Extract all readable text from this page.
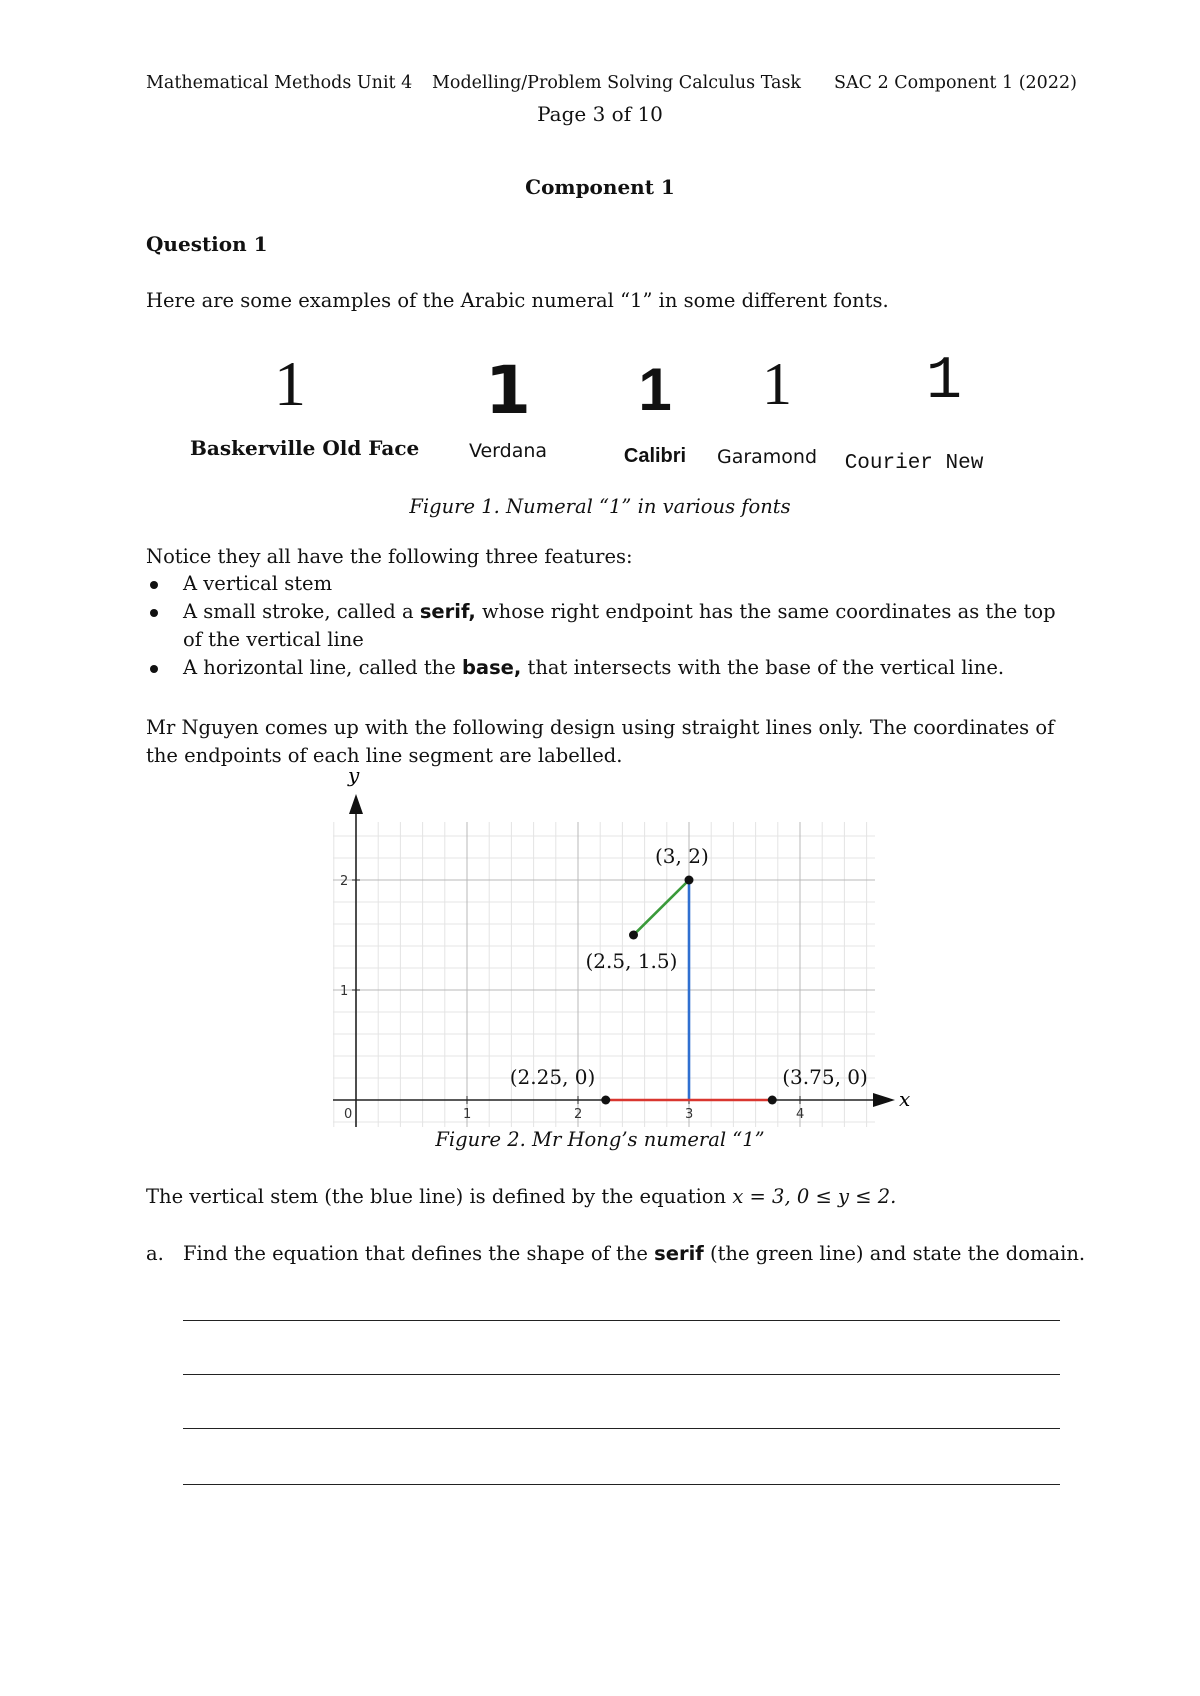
Mathematical Methods Unit 4 Modelling/Problem Solving Calculus Task SAC 2 Component 1 (2022)
Page 3 of 10
Component 1
Question 1
Here are some examples of the Arabic numeral “1” in some different fonts.
1	1	1	1	1
Baskerville Old Face	Verdana	Calibri	Garamond	Courier New
Figure 1. Numeral “1” in various fonts
Notice they all have the following three features:
A vertical stem
A small stroke, called a serif, whose right endpoint has the same coordinates as the top of the vertical line
A horizontal line, called the base, that intersects with the base of the vertical line.
Mr Nguyen comes up with the following design using straight lines only. The coordinates of the endpoints of each line segment are labelled.
0	1	2	3	4
1
2
(3, 2)
(2.5, 1.5)
(2.25, 0)	(3.75, 0)
x
y
Figure 2. Mr Hong’s numeral “1”
The vertical stem (the blue line) is defined by the equation x = 3, 0 ≤ y ≤ 2.
a. Find the equation that defines the shape of the serif (the green line) and state the domain.
